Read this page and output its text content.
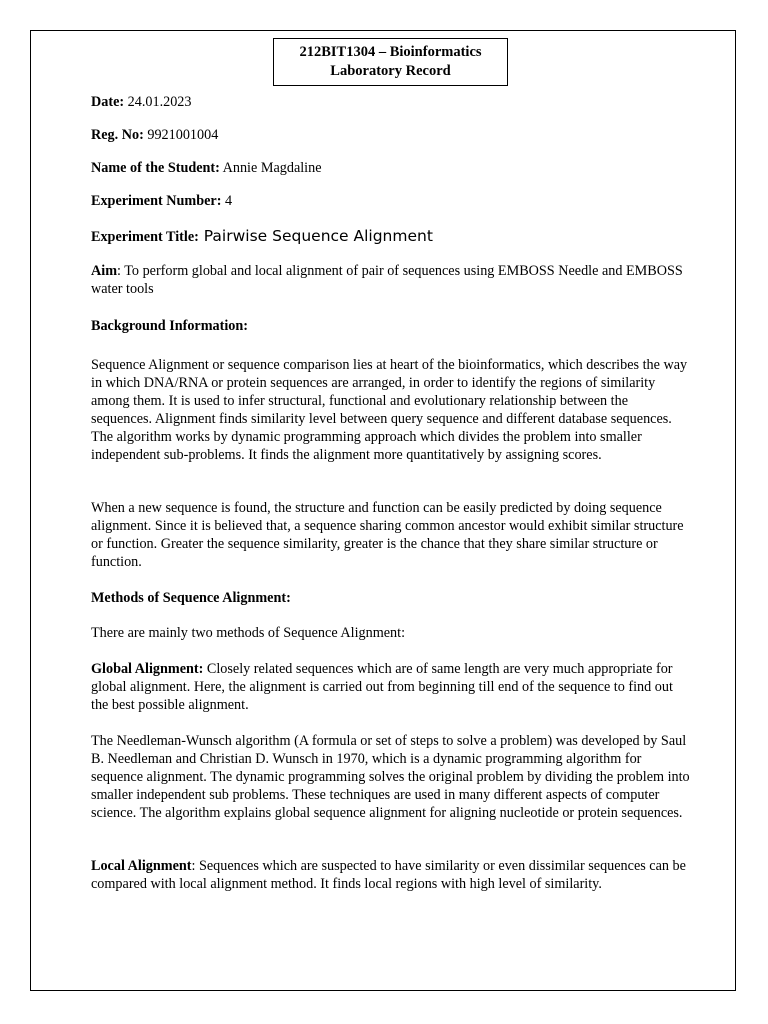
212BIT1304 – Bioinformatics
Laboratory Record

Date: 24.01.2023

Reg. No: 9921001004

Name of the Student: Annie Magdaline

Experiment Number: 4

Experiment Title: Pairwise Sequence Alignment

Aim: To perform global and local alignment of pair of sequences using EMBOSS Needle and EMBOSS water tools

Background Information:

Sequence Alignment or sequence comparison lies at heart of the bioinformatics, which describes the way in which DNA/RNA or protein sequences are arranged, in order to identify the regions of similarity among them. It is used to infer structural, functional and evolutionary relationship between the sequences. Alignment finds similarity level between query sequence and different database sequences. The algorithm works by dynamic programming approach which divides the problem into smaller independent sub-problems. It finds the alignment more quantitatively by assigning scores.

When a new sequence is found, the structure and function can be easily predicted by doing sequence alignment. Since it is believed that, a sequence sharing common ancestor would exhibit similar structure or function. Greater the sequence similarity, greater is the chance that they share similar structure or function.

Methods of Sequence Alignment:

There are mainly two methods of Sequence Alignment:

Global Alignment: Closely related sequences which are of same length are very much appropriate for global alignment. Here, the alignment is carried out from beginning till end of the sequence to find out the best possible alignment.

The Needleman-Wunsch algorithm (A formula or set of steps to solve a problem) was developed by Saul B. Needleman and Christian D. Wunsch in 1970, which is a dynamic programming algorithm for sequence alignment. The dynamic programming solves the original problem by dividing the problem into smaller independent sub problems. These techniques are used in many different aspects of computer science. The algorithm explains global sequence alignment for aligning nucleotide or protein sequences.

Local Alignment: Sequences which are suspected to have similarity or even dissimilar sequences can be compared with local alignment method. It finds local regions with high level of similarity.
